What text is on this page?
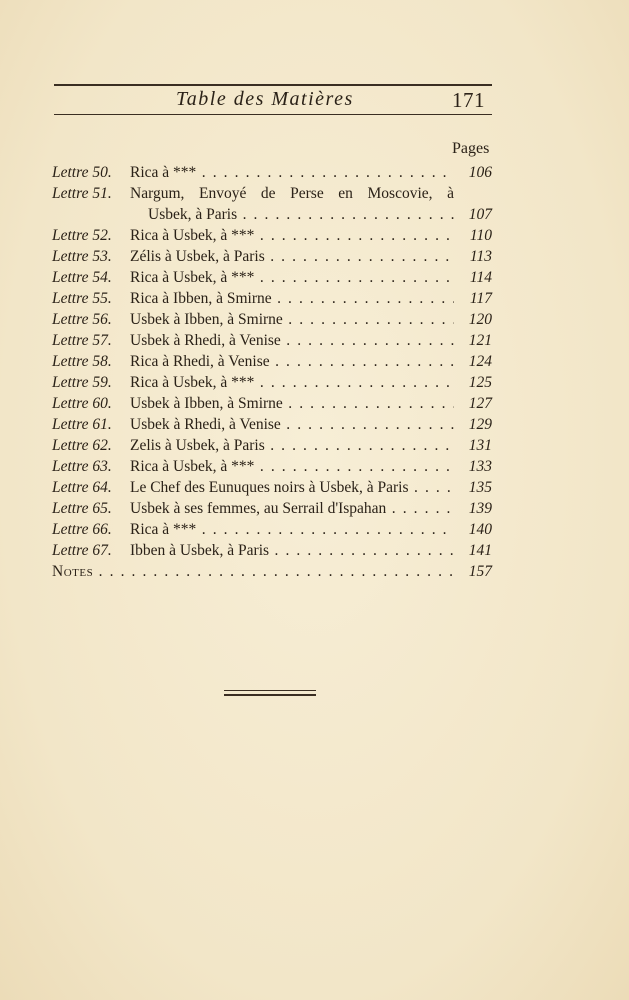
Table des Matières	171
Pages
Lettre 50.	Rica à *** . . .	106
Lettre 51.	Nargum, Envoyé de Perse en Moscovie, à
Usbek, à Paris . . .	107
Lettre 52.	Rica à Usbek, à *** . . .	110
Lettre 53.	Zélis à Usbek, à Paris . . .	113
Lettre 54.	Rica à Usbek, à *** . . .	114
Lettre 55.	Rica à Ibben, à Smirne . . .	117
Lettre 56.	Usbek à Ibben, à Smirne . . .	120
Lettre 57.	Usbek à Rhedi, à Venise . . .	121
Lettre 58.	Rica à Rhedi, à Venise . . .	124
Lettre 59.	Rica à Usbek, à *** . . .	125
Lettre 60.	Usbek à Ibben, à Smirne . . .	127
Lettre 61.	Usbek à Rhedi, à Venise . . .	129
Lettre 62.	Zelis à Usbek, à Paris . . .	131
Lettre 63.	Rica à Usbek, à *** . . .	133
Lettre 64.	Le Chef des Eunuques noirs à Usbek, à Paris . . .	135
Lettre 65.	Usbek à ses femmes, au Serrail d'Ispahan . . .	139
Lettre 66.	Rica à *** . . .	140
Lettre 67.	Ibben à Usbek, à Paris . . .	141
Notes . . .	157
